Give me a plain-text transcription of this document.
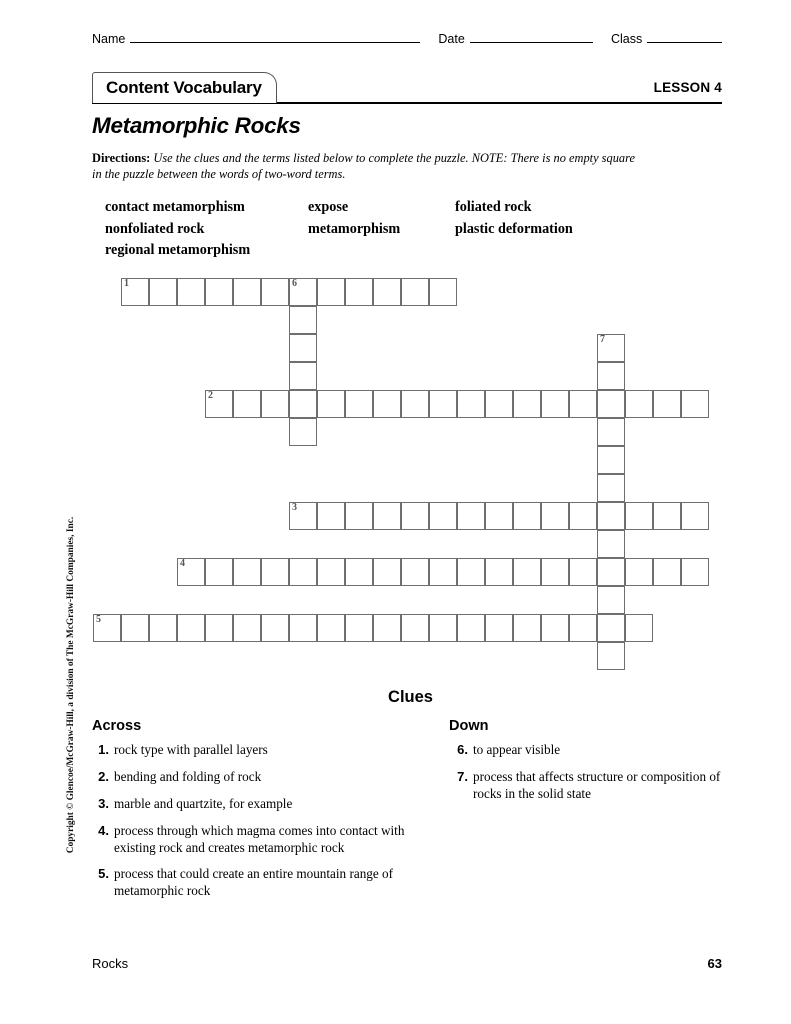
Name	Date	Class
Content Vocabulary	LESSON 4
Metamorphic Rocks
Directions: Use the clues and the terms listed below to complete the puzzle. NOTE: There is no empty square in the puzzle between the words of two-word terms.
contact metamorphism	expose	foliated rock
nonfoliated rock	metamorphism	plastic deformation
regional metamorphism
1	6
2
3
4
5
7
Clues
Across
1. rock type with parallel layers
2. bending and folding of rock
3. marble and quartzite, for example
4. process through which magma comes into contact with existing rock and creates metamorphic rock
5. process that could create an entire mountain range of metamorphic rock
Down
6. to appear visible
7. process that affects structure or composition of rocks in the solid state
Copyright © Glencoe/McGraw-Hill, a division of The McGraw-Hill Companies, Inc.
Rocks	63
